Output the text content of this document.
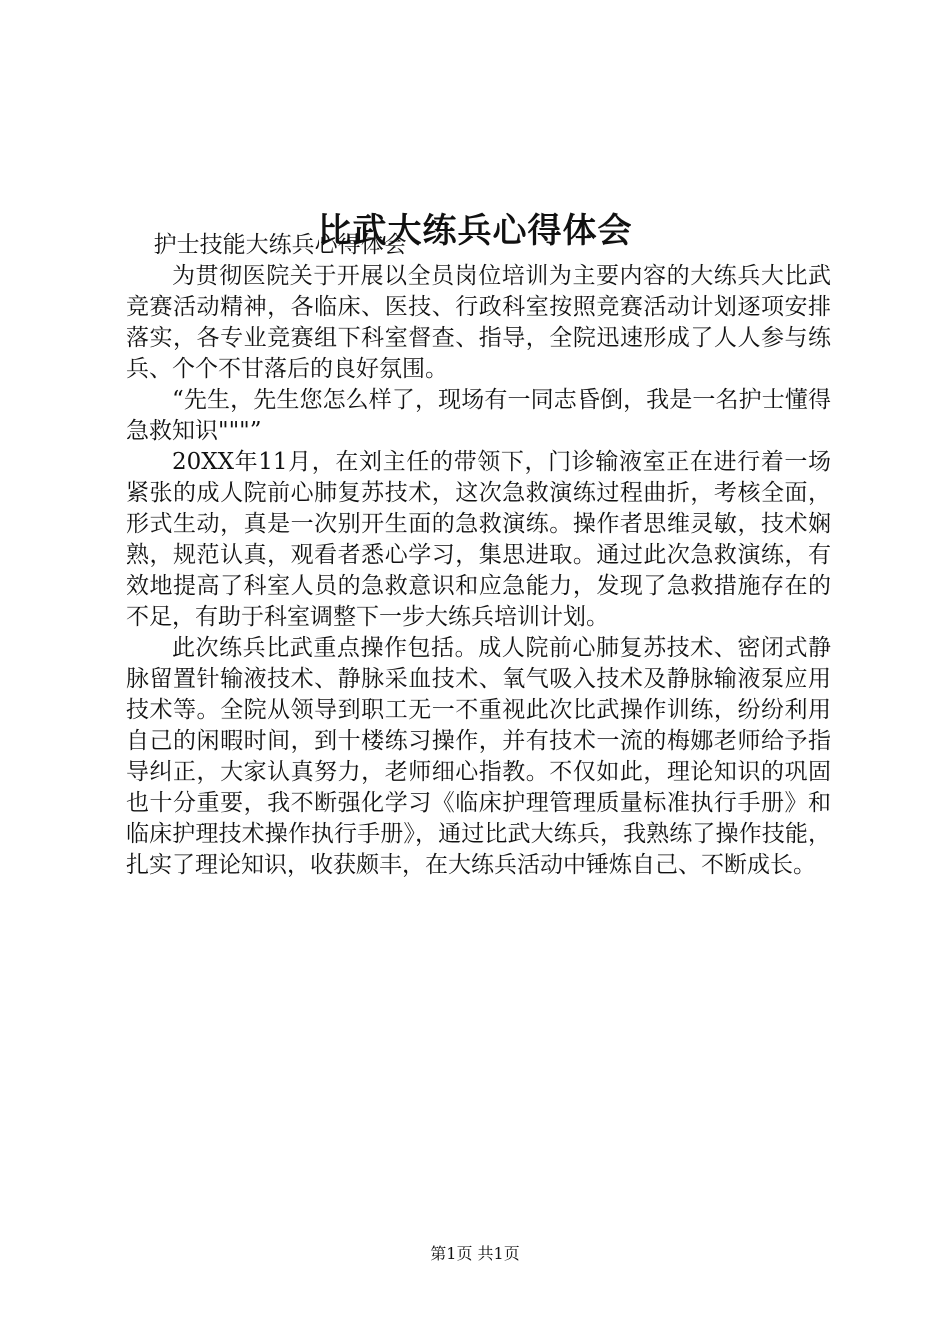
比武大练兵心得体会

护士技能大练兵心得体会

为贯彻医院关于开展以全员岗位培训为主要内容的大练兵大比武竞赛活动精神，各临床、医技、行政科室按照竞赛活动计划逐项安排落实，各专业竞赛组下科室督查、指导，全院迅速形成了人人参与练兵、个个不甘落后的良好氛围。

“先生，先生您怎么样了，现场有一同志昏倒，我是一名护士懂得急救知识"""”

20XX年11月，在刘主任的带领下，门诊输液室正在进行着一场紧张的成人院前心肺复苏技术，这次急救演练过程曲折，考核全面，形式生动，真是一次别开生面的急救演练。操作者思维灵敏，技术娴熟，规范认真，观看者悉心学习，集思进取。通过此次急救演练，有效地提高了科室人员的急救意识和应急能力，发现了急救措施存在的不足，有助于科室调整下一步大练兵培训计划。

此次练兵比武重点操作包括。成人院前心肺复苏技术、密闭式静脉留置针输液技术、静脉采血技术、氧气吸入技术及静脉输液泵应用技术等。全院从领导到职工无一不重视此次比武操作训练，纷纷利用自己的闲暇时间，到十楼练习操作，并有技术一流的梅娜老师给予指导纠正，大家认真努力，老师细心指教。不仅如此，理论知识的巩固也十分重要，我不断强化学习《临床护理管理质量标准执行手册》和临床护理技术操作执行手册》，通过比武大练兵，我熟练了操作技能，扎实了理论知识，收获颇丰，在大练兵活动中锤炼自己、不断成长。

第1页 共1页
